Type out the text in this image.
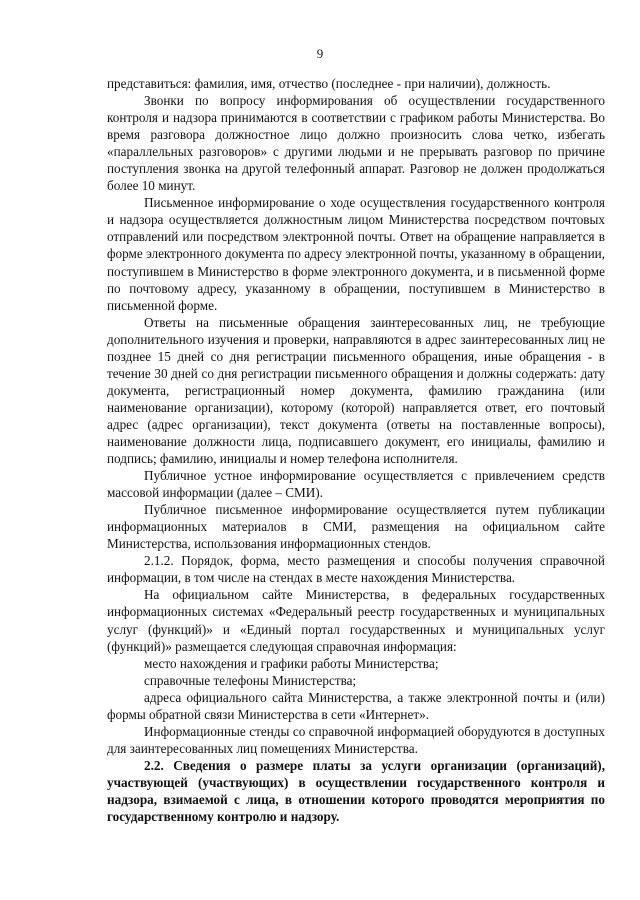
9

представиться: фамилия, имя, отчество (последнее - при наличии), должность.

Звонки по вопросу информирования об осуществлении государственного контроля и надзора принимаются в соответствии с графиком работы Министерства. Во время разговора должностное лицо должно произносить слова четко, избегать «параллельных разговоров» с другими людьми и не прерывать разговор по причине поступления звонка на другой телефонный аппарат. Разговор не должен продолжаться более 10 минут.

Письменное информирование о ходе осуществления государственного контроля и надзора осуществляется должностным лицом Министерства посредством почтовых отправлений или посредством электронной почты. Ответ на обращение направляется в форме электронного документа по адресу электронной почты, указанному в обращении, поступившем в Министерство в форме электронного документа, и в письменной форме по почтовому адресу, указанному в обращении, поступившем в Министерство в письменной форме.

Ответы на письменные обращения заинтересованных лиц, не требующие дополнительного изучения и проверки, направляются в адрес заинтересованных лиц не позднее 15 дней со дня регистрации письменного обращения, иные обращения - в течение 30 дней со дня регистрации письменного обращения и должны содержать: дату документа, регистрационный номер документа, фамилию гражданина (или наименование организации), которому (которой) направляется ответ, его почтовый адрес (адрес организации), текст документа (ответы на поставленные вопросы), наименование должности лица, подписавшего документ, его инициалы, фамилию и подпись; фамилию, инициалы и номер телефона исполнителя.

Публичное устное информирование осуществляется с привлечением средств массовой информации (далее – СМИ).

Публичное письменное информирование осуществляется путем публикации информационных материалов в СМИ, размещения на официальном сайте Министерства, использования информационных стендов.

2.1.2. Порядок, форма, место размещения и способы получения справочной информации, в том числе на стендах в месте нахождения Министерства.

На официальном сайте Министерства, в федеральных государственных информационных системах «Федеральный реестр государственных и муниципальных услуг (функций)» и «Единый портал государственных и муниципальных услуг (функций)» размещается следующая справочная информация:

место нахождения и графики работы Министерства;

справочные телефоны Министерства;

адреса официального сайта Министерства, а также электронной почты и (или) формы обратной связи Министерства в сети «Интернет».

Информационные стенды со справочной информацией оборудуются в доступных для заинтересованных лиц помещениях Министерства.

2.2. Сведения о размере платы за услуги организации (организаций), участвующей (участвующих) в осуществлении государственного контроля и надзора, взимаемой с лица, в отношении которого проводятся мероприятия по государственному контролю и надзору.
